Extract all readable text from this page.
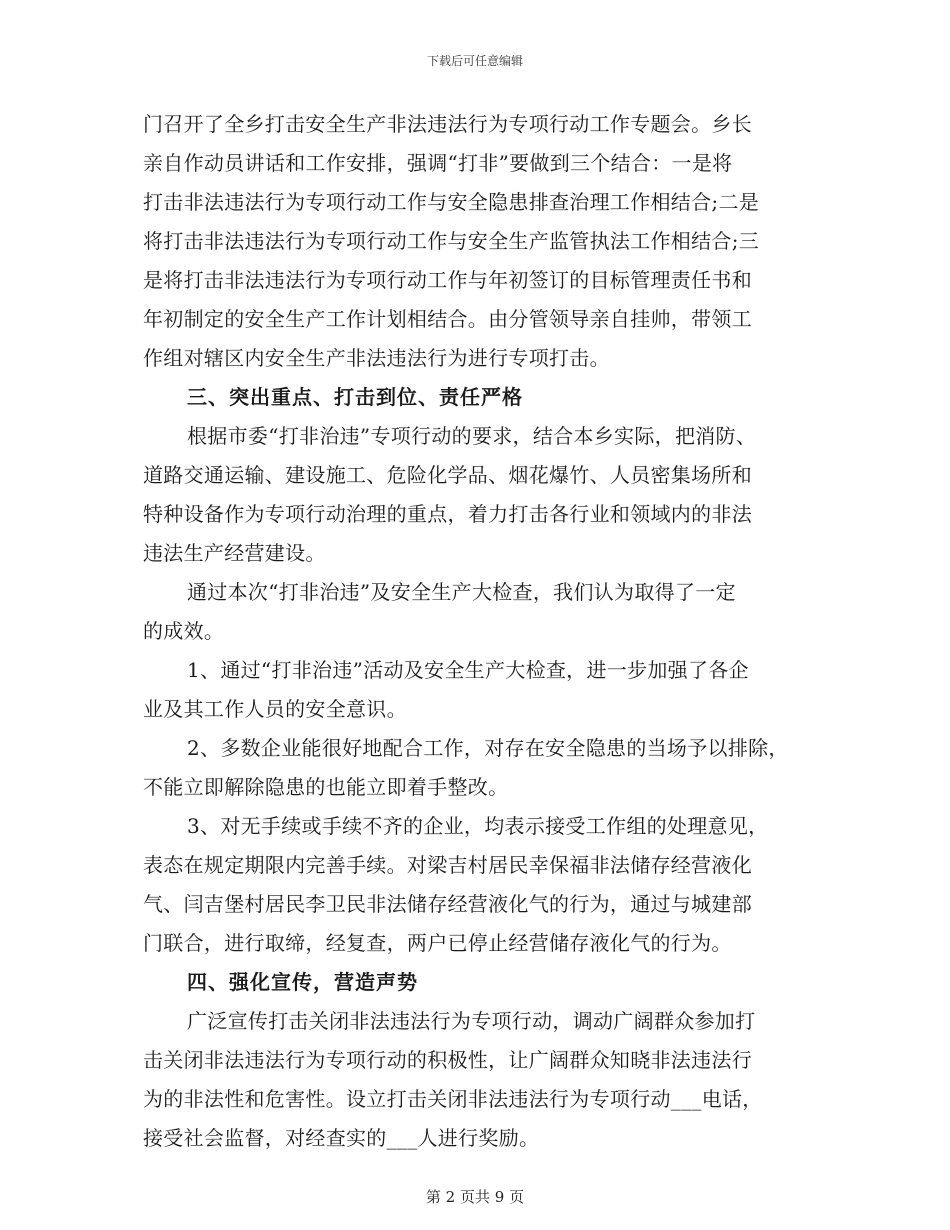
下载后可任意编辑
门召开了全乡打击安全生产非法违法行为专项行动工作专题会。乡长
亲自作动员讲话和工作安排，强调“打非”要做到三个结合：一是将
打击非法违法行为专项行动工作与安全隐患排查治理工作相结合;二是
将打击非法违法行为专项行动工作与安全生产监管执法工作相结合;三
是将打击非法违法行为专项行动工作与年初签订的目标管理责任书和
年初制定的安全生产工作计划相结合。由分管领导亲自挂帅，带领工
作组对辖区内安全生产非法违法行为进行专项打击。
三、突出重点、打击到位、责任严格
根据市委“打非治违”专项行动的要求，结合本乡实际，把消防、
道路交通运输、建设施工、危险化学品、烟花爆竹、人员密集场所和
特种设备作为专项行动治理的重点，着力打击各行业和领域内的非法
违法生产经营建设。
通过本次“打非治违”及安全生产大检查，我们认为取得了一定
的成效。
1、通过“打非治违”活动及安全生产大检查，进一步加强了各企
业及其工作人员的安全意识。
2、多数企业能很好地配合工作，对存在安全隐患的当场予以排除，
不能立即解除隐患的也能立即着手整改。
3、对无手续或手续不齐的企业，均表示接受工作组的处理意见，
表态在规定期限内完善手续。对梁吉村居民幸保福非法储存经营液化
气、闫吉堡村居民李卫民非法储存经营液化气的行为，通过与城建部
门联合，进行取缔，经复查，两户已停止经营储存液化气的行为。
四、强化宣传，营造声势
广泛宣传打击关闭非法违法行为专项行动，调动广阔群众参加打
击关闭非法违法行为专项行动的积极性，让广阔群众知晓非法违法行
为的非法性和危害性。设立打击关闭非法违法行为专项行动___电话，
接受社会监督，对经查实的___人进行奖励。
第 2 页共 9 页
